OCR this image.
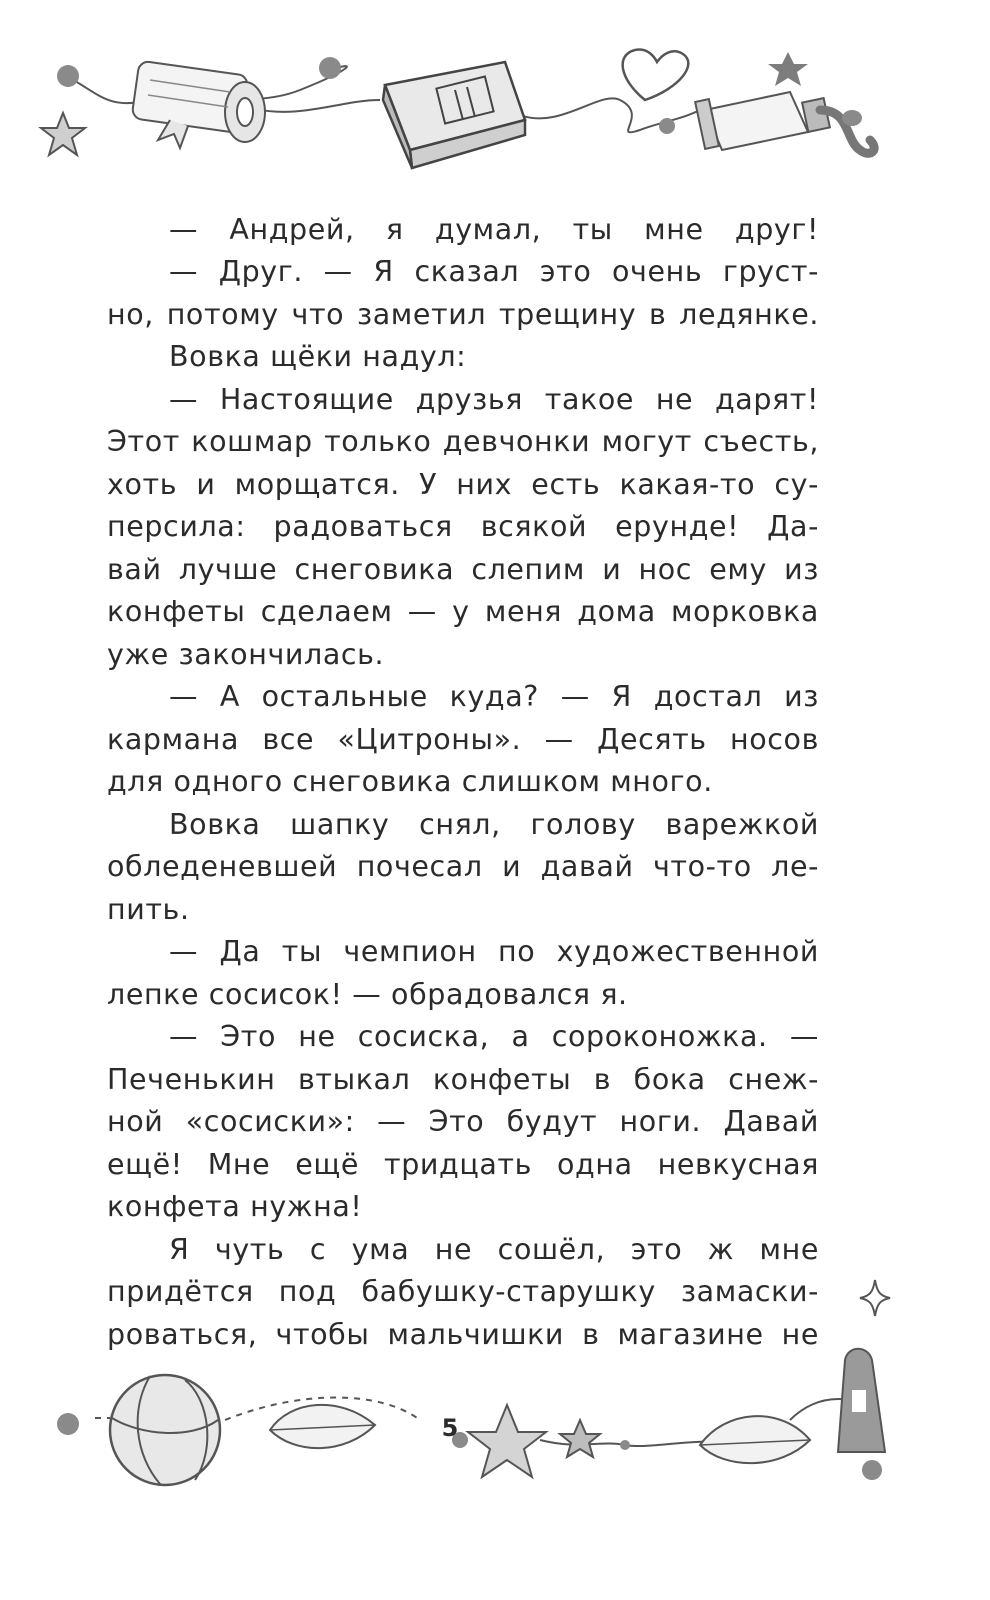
— Андрей, я думал, ты мне друг!
— Друг. — Я сказал это очень груст-
но, потому что заметил трещину в ледянке.
Вовка щёки надул:
— Настоящие друзья такое не дарят!
Этот кошмар только девчонки могут съесть,
хоть и морщатся. У них есть какая-то су-
персила: радоваться всякой ерунде! Да-
вай лучше снеговика слепим и нос ему из
конфеты сделаем — у меня дома морковка
уже закончилась.
— А остальные куда? — Я достал из
кармана все «Цитроны». — Десять носов
для одного снеговика слишком много.
Вовка шапку снял, голову варежкой
обледеневшей почесал и давай что-то ле-
пить.
— Да ты чемпион по художественной
лепке сосисок! — обрадовался я.
— Это не сосиска, а сороконожка. —
Печенькин втыкал конфеты в бока снеж-
ной «сосиски»: — Это будут ноги. Давай
ещё! Мне ещё тридцать одна невкусная
конфета нужна!
Я чуть с ума не сошёл, это ж мне
придётся под бабушку-старушку замаски-
роваться, чтобы мальчишки в магазине не
5
